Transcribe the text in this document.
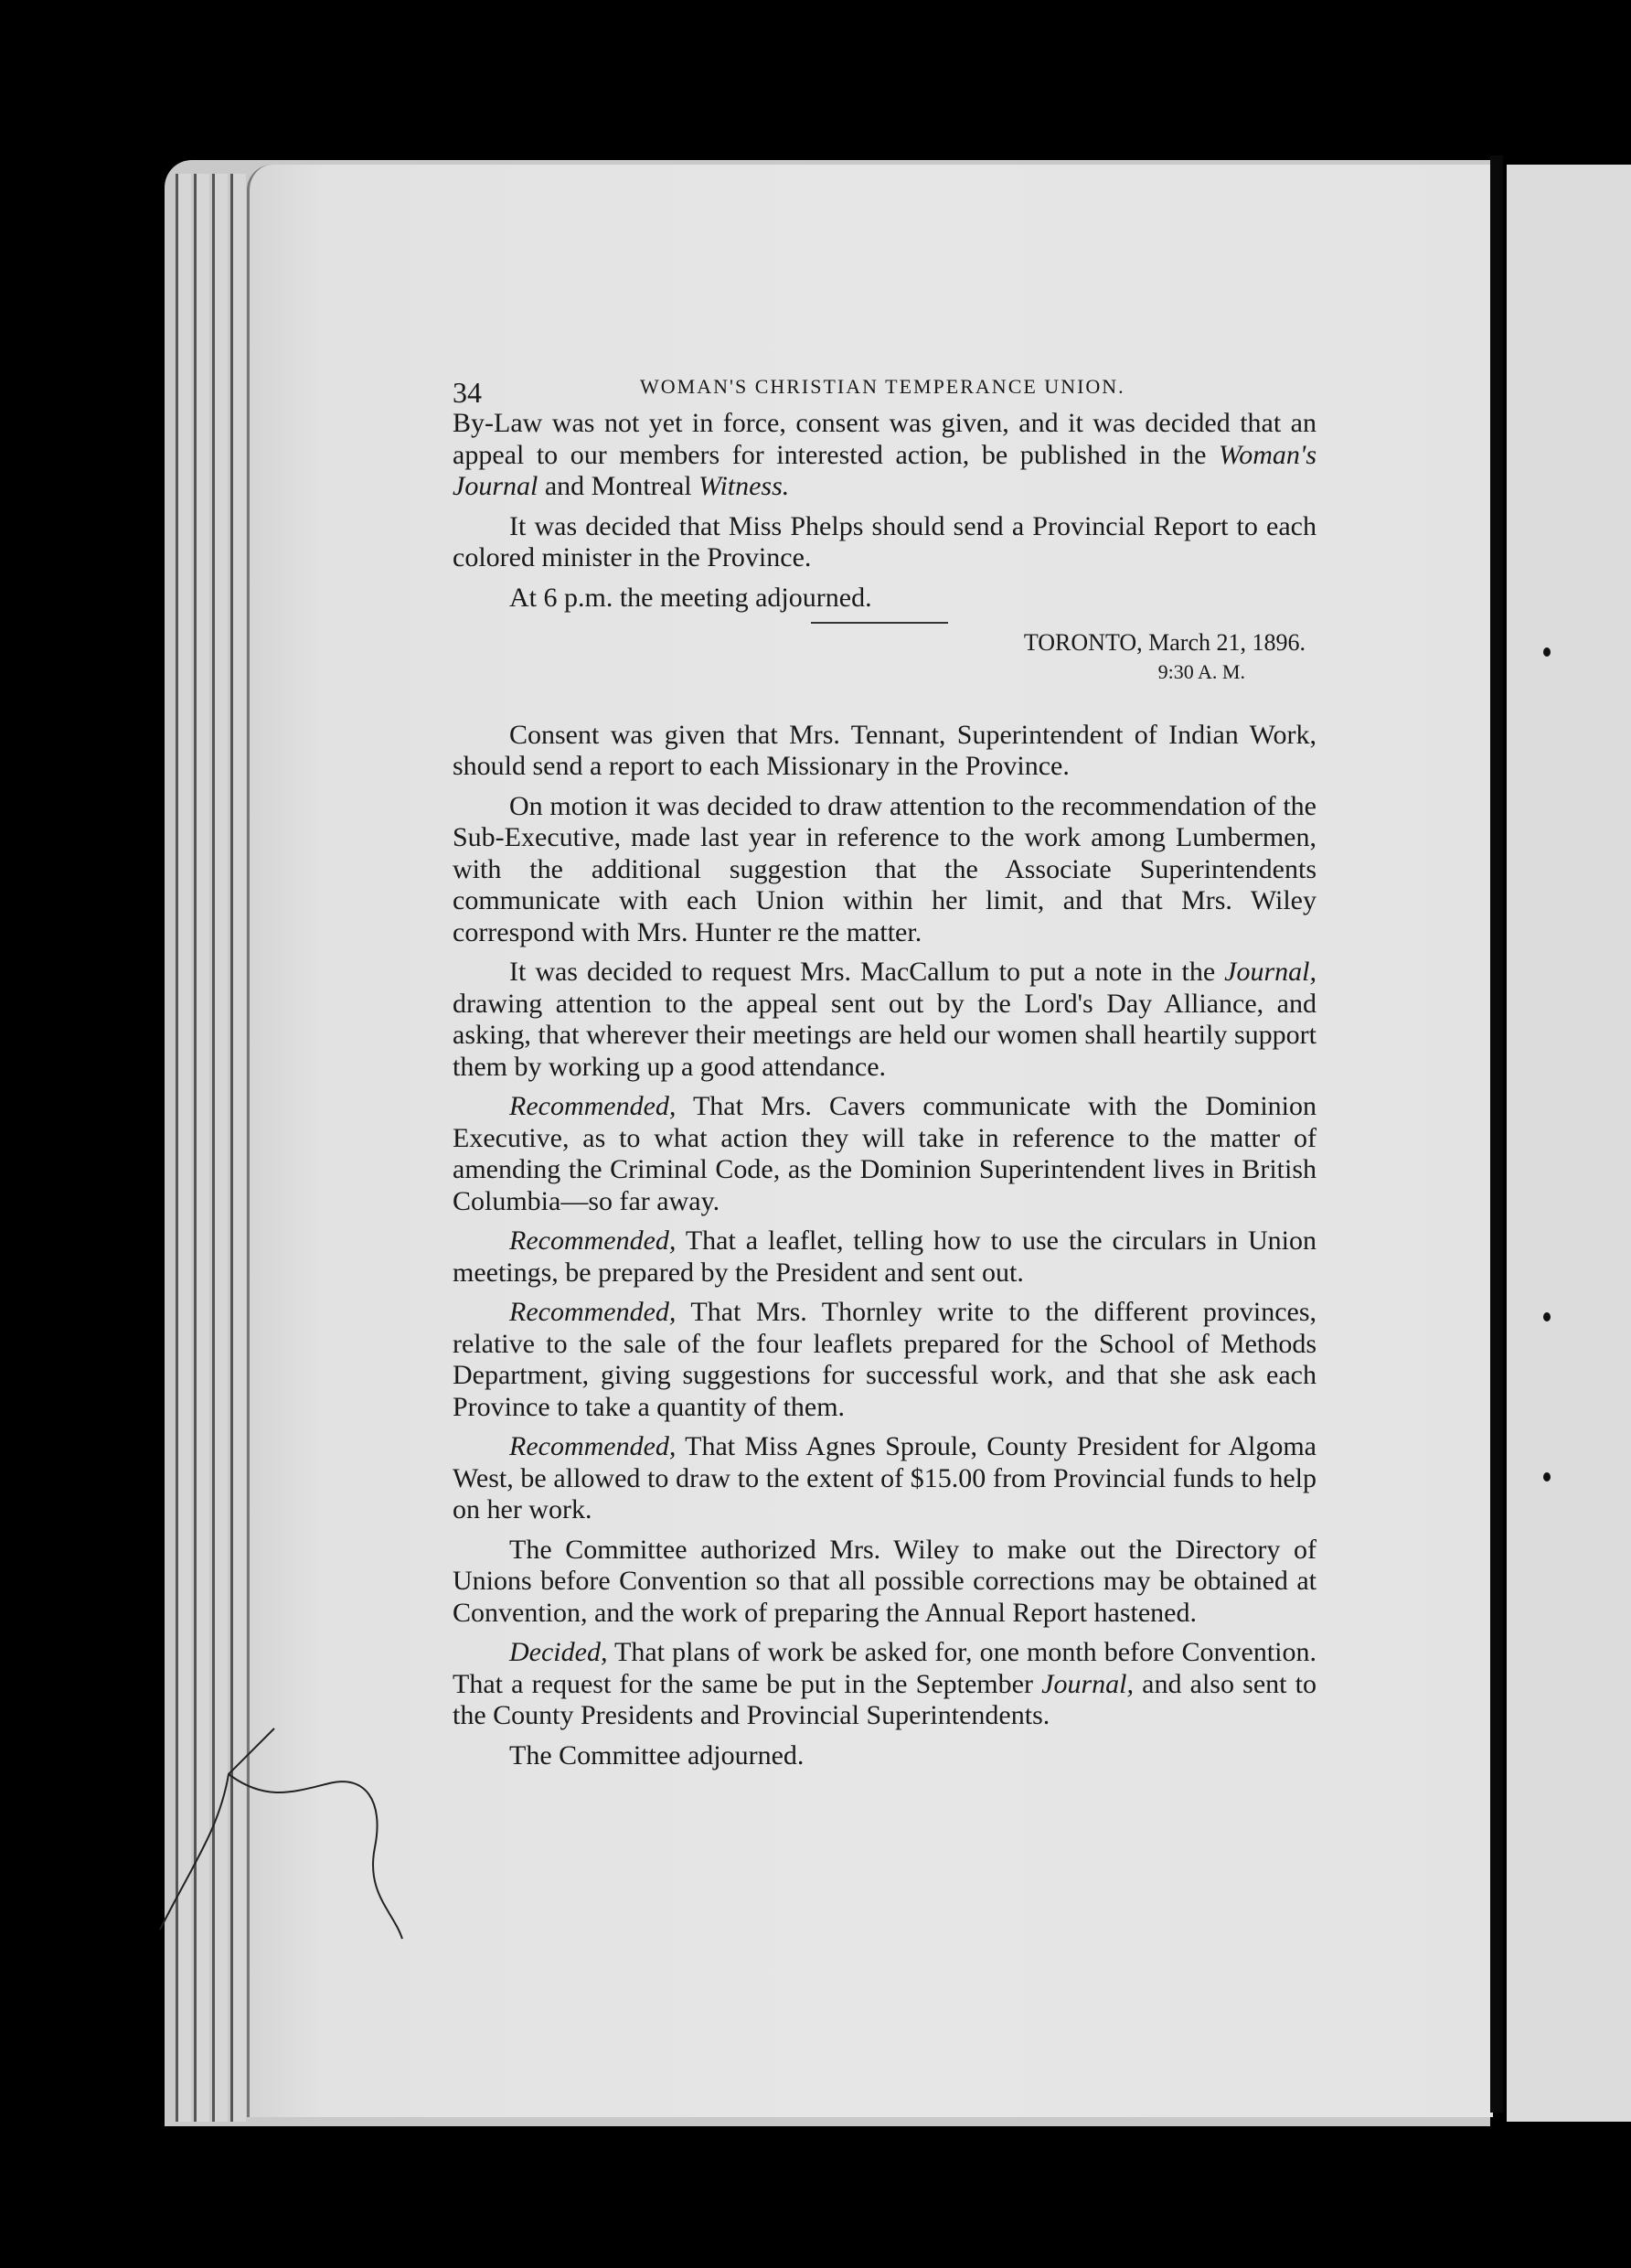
34	WOMAN'S CHRISTIAN TEMPERANCE UNION.

By-Law was not yet in force, consent was given, and it was decided that an appeal to our members for interested action, be published in the Woman's Journal and Montreal Witness.

It was decided that Miss Phelps should send a Provincial Report to each colored minister in the Province.

At 6 p.m. the meeting adjourned.

TORONTO, March 21, 1896.
9:30 A. M.

Consent was given that Mrs. Tennant, Superintendent of Indian Work, should send a report to each Missionary in the Province.

On motion it was decided to draw attention to the recommendation of the Sub-Executive, made last year in reference to the work among Lumbermen, with the additional suggestion that the Associate Superintendents communicate with each Union within her limit, and that Mrs. Wiley correspond with Mrs. Hunter re the matter.

It was decided to request Mrs. MacCallum to put a note in the Journal, drawing attention to the appeal sent out by the Lord's Day Alliance, and asking, that wherever their meetings are held our women shall heartily support them by working up a good attendance.

Recommended, That Mrs. Cavers communicate with the Dominion Executive, as to what action they will take in reference to the matter of amending the Criminal Code, as the Dominion Superintendent lives in British Columbia—so far away.

Recommended, That a leaflet, telling how to use the circulars in Union meetings, be prepared by the President and sent out.

Recommended, That Mrs. Thornley write to the different provinces, relative to the sale of the four leaflets prepared for the School of Methods Department, giving suggestions for successful work, and that she ask each Province to take a quantity of them.

Recommended, That Miss Agnes Sproule, County President for Algoma West, be allowed to draw to the extent of $15.00 from Provincial funds to help on her work.

The Committee authorized Mrs. Wiley to make out the Directory of Unions before Convention so that all possible corrections may be obtained at Convention, and the work of preparing the Annual Report hastened.

Decided, That plans of work be asked for, one month before Convention. That a request for the same be put in the September Journal, and also sent to the County Presidents and Provincial Superintendents.

The Committee adjourned.
